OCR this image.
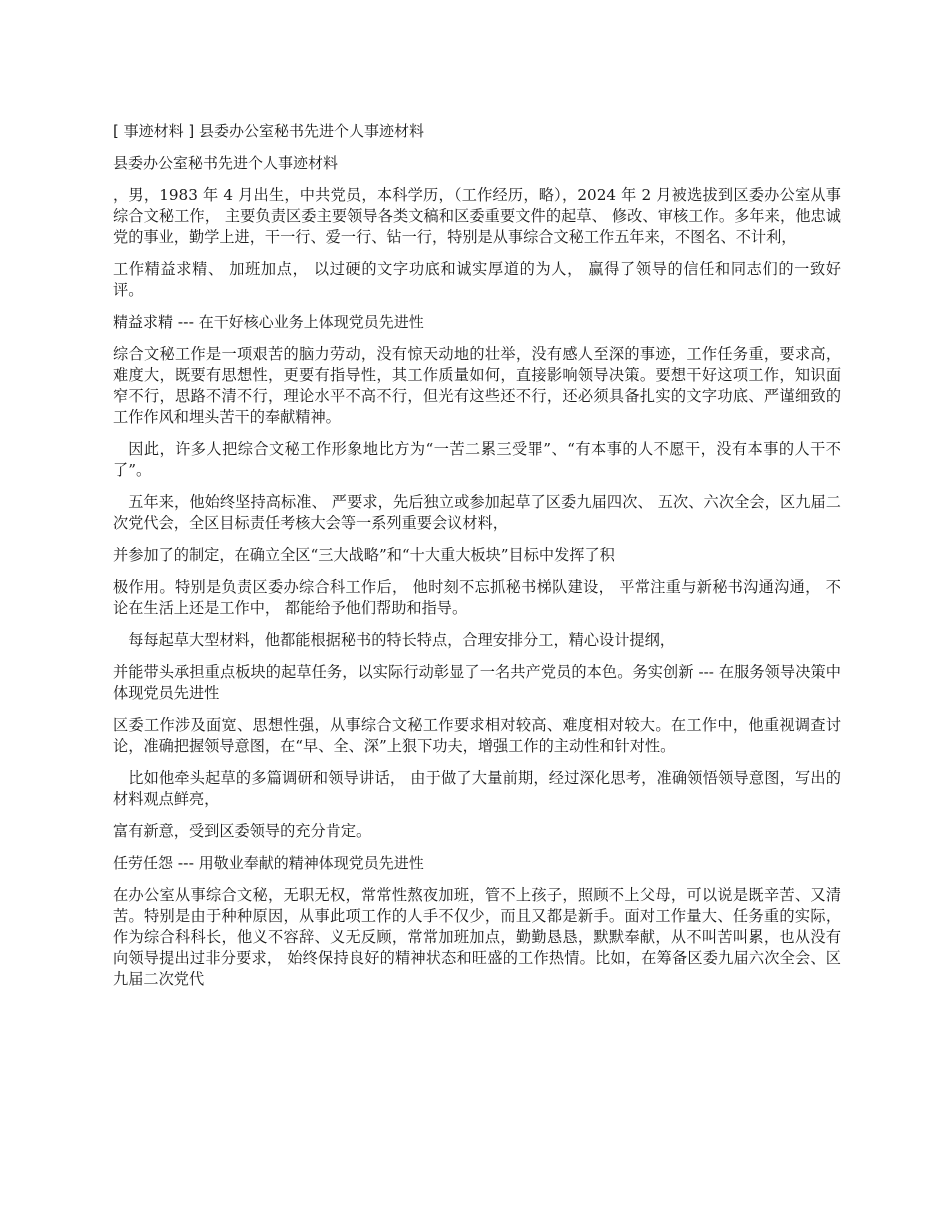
[ 事迹材料 ] 县委办公室秘书先进个人事迹材料

县委办公室秘书先进个人事迹材料

，男，1983 年 4 月出生，中共党员，本科学历，（工作经历，略），2024 年 2 月被选拔到区委办公室从事综合文秘工作， 主要负责区委主要领导各类文稿和区委重要文件的起草、 修改、审核工作。多年来，他忠诚党的事业，勤学上进，干一行、爱一行、钻一行，特别是从事综合文秘工作五年来，不图名、不计利，

工作精益求精、 加班加点， 以过硬的文字功底和诚实厚道的为人， 赢得了领导的信任和同志们的一致好评。

精益求精 --- 在干好核心业务上体现党员先进性

综合文秘工作是一项艰苦的脑力劳动，没有惊天动地的壮举，没有感人至深的事迹，工作任务重，要求高，难度大，既要有思想性，更要有指导性，其工作质量如何，直接影响领导决策。要想干好这项工作，知识面窄不行，思路不清不行，理论水平不高不行，但光有这些还不行，还必须具备扎实的文字功底、严谨细致的工作作风和埋头苦干的奉献精神。

因此，许多人把综合文秘工作形象地比方为“一苦二累三受罪”、“有本事的人不愿干，没有本事的人干不了”。

五年来，他始终坚持高标准、 严要求，先后独立或参加起草了区委九届四次、 五次、六次全会，区九届二次党代会，全区目标责任考核大会等一系列重要会议材料，

并参加了的制定，在确立全区“三大战略”和“十大重大板块”目标中发挥了积

极作用。特别是负责区委办综合科工作后， 他时刻不忘抓秘书梯队建设， 平常注重与新秘书沟通沟通， 不论在生活上还是工作中， 都能给予他们帮助和指导。

每每起草大型材料，他都能根据秘书的特长特点，合理安排分工，精心设计提纲，

并能带头承担重点板块的起草任务，以实际行动彰显了一名共产党员的本色。务实创新 --- 在服务领导决策中体现党员先进性

区委工作涉及面宽、思想性强，从事综合文秘工作要求相对较高、难度相对较大。在工作中，他重视调查讨论，准确把握领导意图，在“早、全、深”上狠下功夫，增强工作的主动性和针对性。

比如他牵头起草的多篇调研和领导讲话， 由于做了大量前期，经过深化思考，准确领悟领导意图，写出的材料观点鲜亮，

富有新意，受到区委领导的充分肯定。

任劳任怨 --- 用敬业奉献的精神体现党员先进性

在办公室从事综合文秘，无职无权，常常性熬夜加班，管不上孩子，照顾不上父母，可以说是既辛苦、又清苦。特别是由于种种原因，从事此项工作的人手不仅少，而且又都是新手。面对工作量大、任务重的实际，作为综合科科长，他义不容辞、义无反顾，常常加班加点，勤勤恳恳，默默奉献，从不叫苦叫累，也从没有向领导提出过非分要求， 始终保持良好的精神状态和旺盛的工作热情。比如，在筹备区委九届六次全会、区九届二次党代
